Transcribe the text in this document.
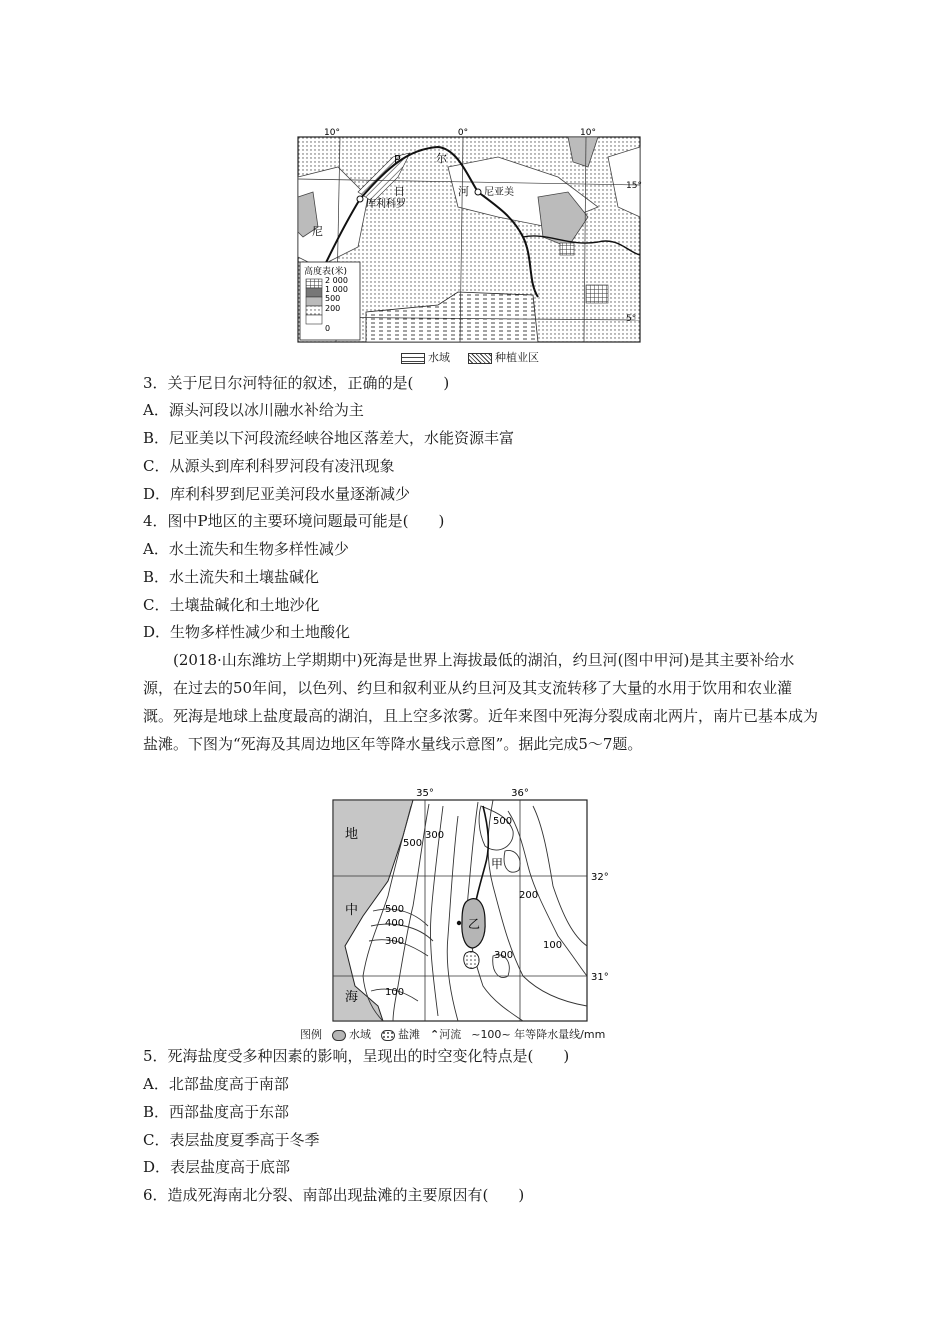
10°	0°	10°
15°
5°
P	尔
日	河 尼亚美
库利科罗
尼
高度表(米)
2 000
1 000
500
200
0
水域	种植业区
3．关于尼日尔河特征的叙述，正确的是(　　)
A．源头河段以冰川融水补给为主
B．尼亚美以下河段流经峡谷地区落差大，水能资源丰富
C．从源头到库利科罗河段有凌汛现象
D．库利科罗到尼亚美河段水量逐渐减少
4．图中P地区的主要环境问题最可能是(　　)
A．水土流失和生物多样性减少
B．水土流失和土壤盐碱化
C．土壤盐碱化和土地沙化
D．生物多样性减少和土地酸化
(2018·山东潍坊上学期期中)死海是世界上海拔最低的湖泊，约旦河(图中甲河)是其主要补给水源，在过去的50年间，以色列、约旦和叙利亚从约旦河及其支流转移了大量的水用于饮用和农业灌溉。死海是地球上盐度最高的湖泊，且上空多浓雾。近年来图中死海分裂成南北两片，南片已基本成为盐滩。下图为“死海及其周边地区年等降水量线示意图”。据此完成5～7题。
35°	36°
32°
31°
地
中
海
甲
乙
300
500
500
200
500
400
300
100
300
100
图例	水域	盐滩 ⌃河流 ~100~ 年等降水量线/mm
5．死海盐度受多种因素的影响，呈现出的时空变化特点是(　　)
A．北部盐度高于南部
B．西部盐度高于东部
C．表层盐度夏季高于冬季
D．表层盐度高于底部
6．造成死海南北分裂、南部出现盐滩的主要原因有(　　)
